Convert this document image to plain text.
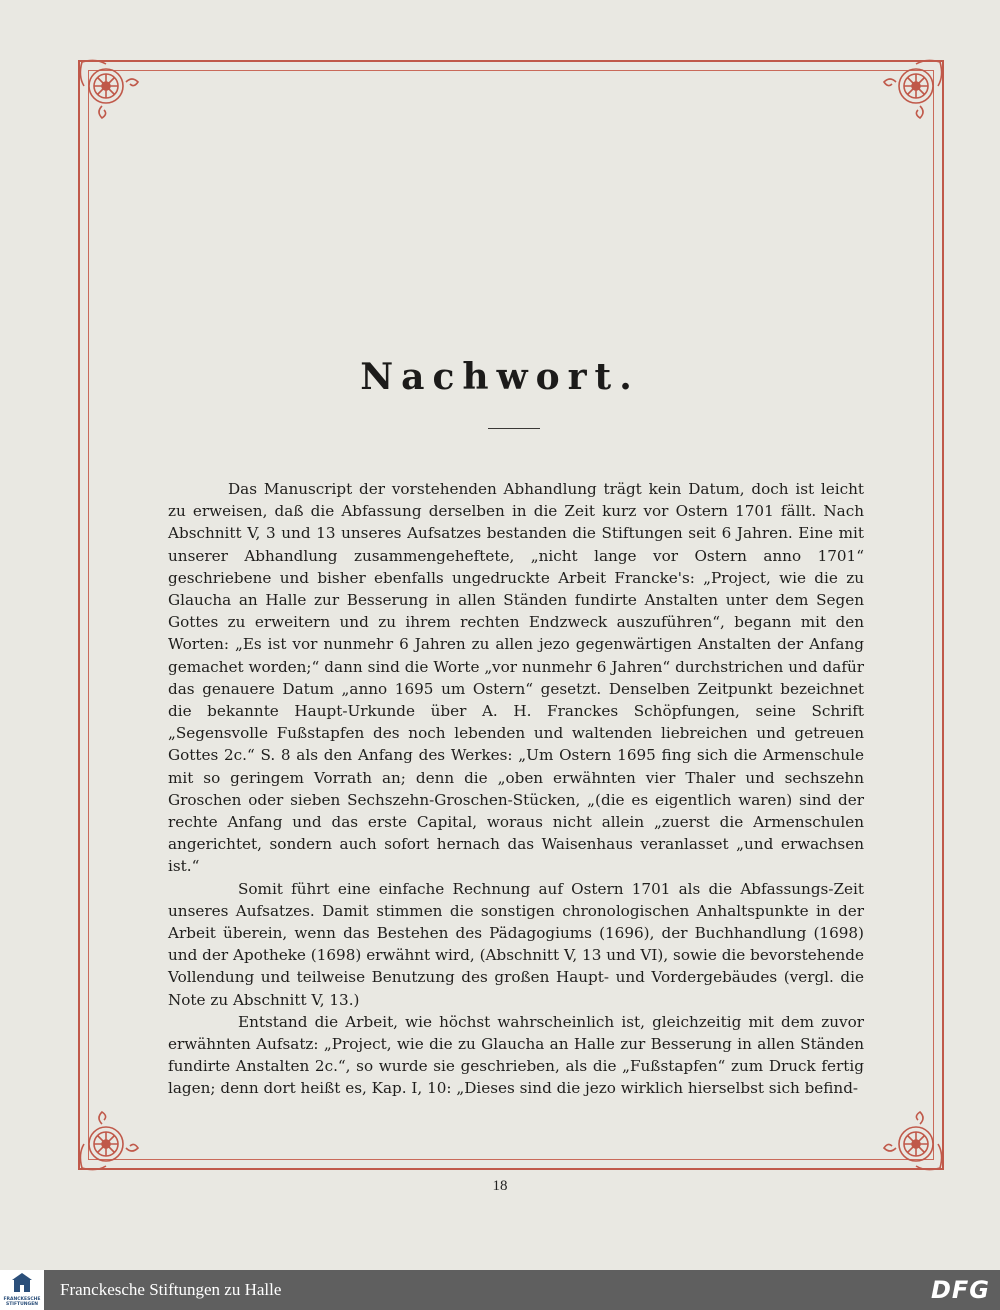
Nachwort.

Das Manuscript der vorstehenden Abhandlung trägt kein Datum, doch ist leicht zu erweisen, daß die Abfassung derselben in die Zeit kurz vor Ostern 1701 fällt. Nach Abschnitt V, 3 und 13 unseres Aufsatzes bestanden die Stiftungen seit 6 Jahren. Eine mit unserer Abhandlung zusammengeheftete, „nicht lange vor Ostern anno 1701“ geschriebene und bisher ebenfalls ungedruckte Arbeit Francke's: „Project, wie die zu Glaucha an Halle zur Besserung in allen Ständen fundirte Anstalten unter dem Segen Gottes zu erweitern und zu ihrem rechten Endzweck auszuführen“, begann mit den Worten: „Es ist vor nunmehr 6 Jahren zu allen jezo gegenwärtigen Anstalten der Anfang gemachet worden;“ dann sind die Worte „vor nunmehr 6 Jahren“ durchstrichen und dafür das genauere Datum „anno 1695 um Ostern“ gesetzt. Denselben Zeitpunkt bezeichnet die bekannte Haupt-Urkunde über A. H. Franckes Schöpfungen, seine Schrift „Segensvolle Fußstapfen des noch lebenden und waltenden liebreichen und getreuen Gottes 2c.“ S. 8 als den Anfang des Werkes: „Um Ostern 1695 fing sich die Armenschule mit so geringem Vorrath an; denn die „oben erwähnten vier Thaler und sechszehn Groschen oder sieben Sechszehn-Groschen-Stücken, „(die es eigentlich waren) sind der rechte Anfang und das erste Capital, woraus nicht allein „zuerst die Armenschulen angerichtet, sondern auch sofort hernach das Waisenhaus veranlasset „und erwachsen ist.“

Somit führt eine einfache Rechnung auf Ostern 1701 als die Abfassungs-Zeit unseres Aufsatzes. Damit stimmen die sonstigen chronologischen Anhaltspunkte in der Arbeit überein, wenn das Bestehen des Pädagogiums (1696), der Buchhandlung (1698) und der Apotheke (1698) erwähnt wird, (Abschnitt V, 13 und VI), sowie die bevorstehende Vollendung und teilweise Benutzung des großen Haupt- und Vordergebäudes (vergl. die Note zu Abschnitt V, 13.)

Entstand die Arbeit, wie höchst wahrscheinlich ist, gleichzeitig mit dem zuvor erwähnten Aufsatz: „Project, wie die zu Glaucha an Halle zur Besserung in allen Ständen fundirte Anstalten 2c.“, so wurde sie geschrieben, als die „Fußstapfen“ zum Druck fertig lagen; denn dort heißt es, Kap. I, 10: „Dieses sind die jezo wirklich hierselbst sich befind-

18
FRANCKESCHE STIFTUNGEN
Franckesche Stiftungen zu Halle	DFG
